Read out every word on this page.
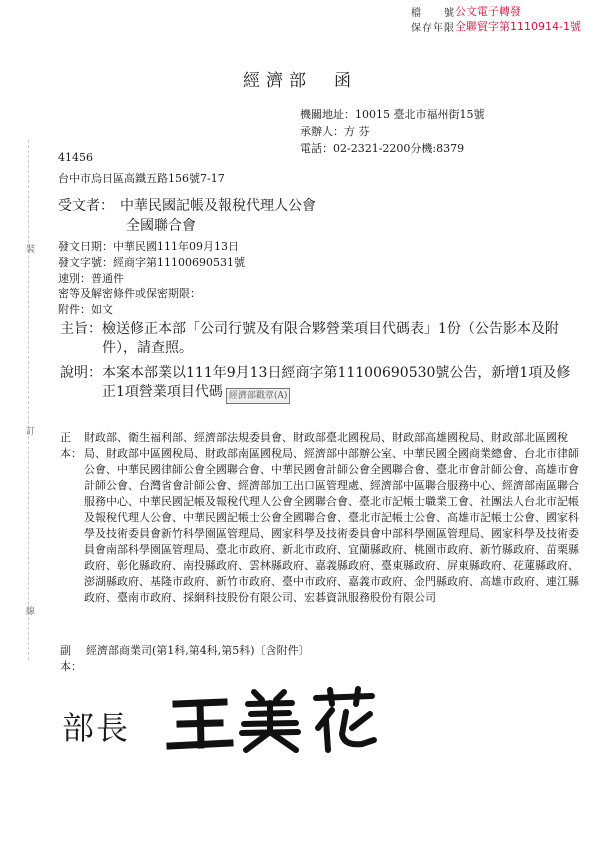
檔　　號 公文電子轉發
保存年限 全聯貿字第1110914-1號
經濟部 函
機關地址：10015 臺北市福州街15號
承辦人：方 芬
電話：02-2321-2200分機:8379
41456
台中市烏日區高鐵五路156號7-17
受文者： 中華民國記帳及報稅代理人公會
全國聯合會
發文日期：中華民國111年09月13日
發文字號：經商字第11100690531號
速別：普通件
密等及解密條件或保密期限：
附件：如文
主旨： 檢送修正本部「公司行號及有限合夥營業項目代碼表」1份（公告影本及附件），請查照。
說明： 本案本部業以111年9月13日經商字第11100690530號公告，新增1項及修正1項營業項目代碼 經濟部戳章(A)
正本：
財政部、衛生福利部、經濟部法規委員會、財政部臺北國稅局、財政部高雄國稅局、財政部北區國稅局、財政部中區國稅局、財政部南區國稅局、經濟部中部辦公室、中華民國全國商業總會、台北市律師公會、中華民國律師公會全國聯合會、中華民國會計師公會全國聯合會、臺北市會計師公會、高雄市會計師公會、台灣省會計師公會、經濟部加工出口區管理處、經濟部中區聯合服務中心、經濟部南區聯合服務中心、中華民國記帳及報稅代理人公會全國聯合會、臺北市記帳士職業工會、社團法人台北市記帳及報稅代理人公會、中華民國記帳士公會全國聯合會、臺北市記帳士公會、高雄市記帳士公會、國家科學及技術委員會新竹科學園區管理局、國家科學及技術委員會中部科學園區管理局、國家科學及技術委員會南部科學園區管理局、臺北市政府、新北市政府、宜蘭縣政府、桃園市政府、新竹縣政府、苗栗縣政府、彰化縣政府、南投縣政府、雲林縣政府、嘉義縣政府、臺東縣政府、屏東縣政府、花蓮縣政府、澎湖縣政府、基隆市政府、新竹市政府、臺中市政府、嘉義市政府、金門縣政府、高雄市政府、連江縣政府、臺南市政府、採網科技股份有限公司、宏碁資訊服務股份有限公司
副本：
經濟部商業司(第1科,第4科,第5科)〔含附件〕
裝
訂
線
部長
